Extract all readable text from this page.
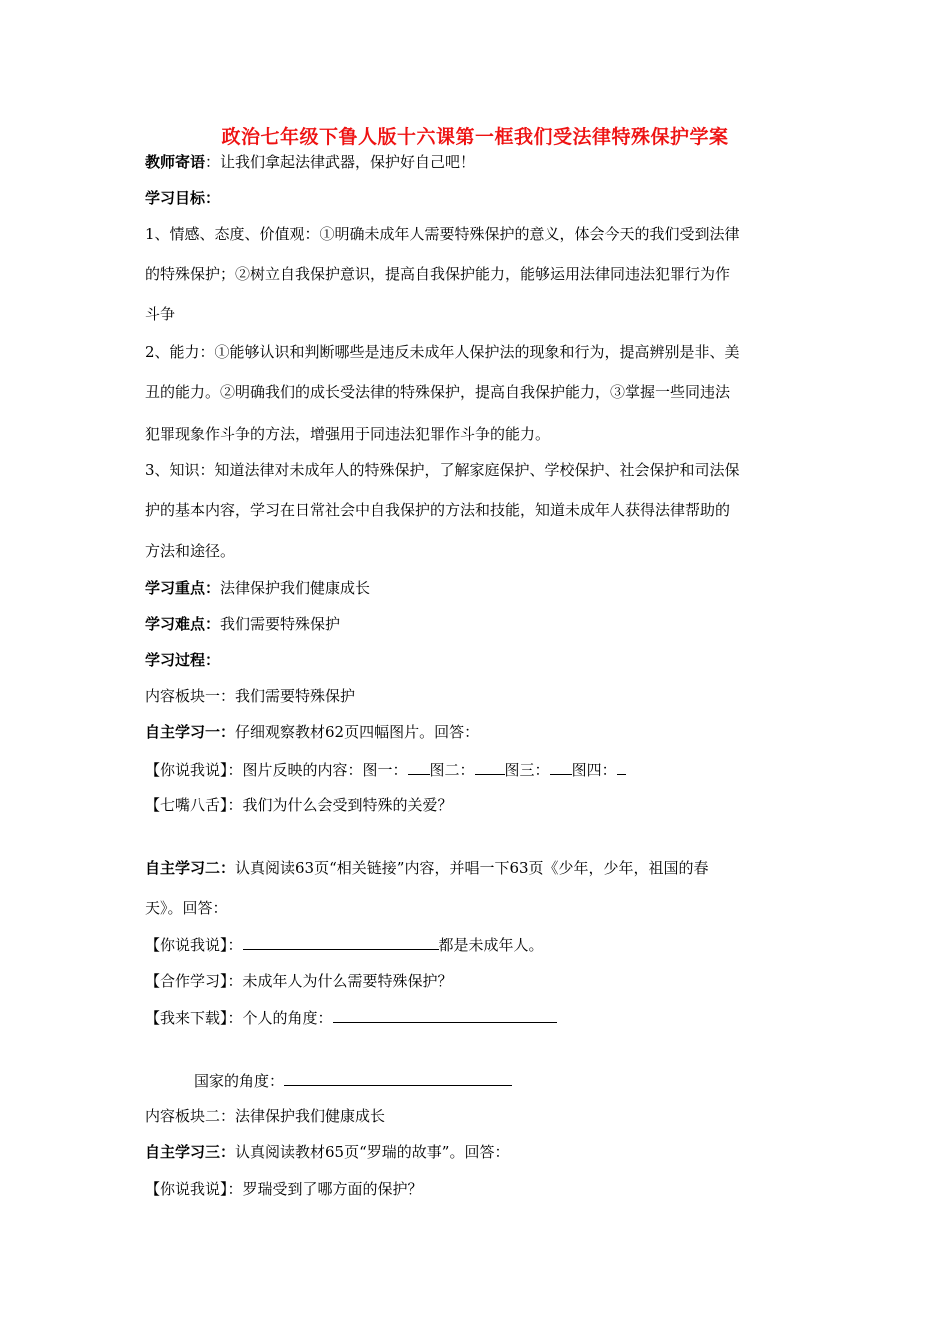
政治七年级下鲁人版十六课第一框我们受法律特殊保护学案
教师寄语：让我们拿起法律武器，保护好自己吧！
学习目标：
1、情感、态度、价值观：①明确未成年人需要特殊保护的意义，体会今天的我们受到法律
的特殊保护；②树立自我保护意识，提高自我保护能力，能够运用法律同违法犯罪行为作
斗争
2、能力：①能够认识和判断哪些是违反未成年人保护法的现象和行为，提高辨别是非、美
丑的能力。②明确我们的成长受法律的特殊保护，提高自我保护能力，③掌握一些同违法
犯罪现象作斗争的方法，增强用于同违法犯罪作斗争的能力。
3、知识：知道法律对未成年人的特殊保护，了解家庭保护、学校保护、社会保护和司法保
护的基本内容，学习在日常社会中自我保护的方法和技能，知道未成年人获得法律帮助的
方法和途径。
学习重点：法律保护我们健康成长
学习难点：我们需要特殊保护
学习过程：
内容板块一：我们需要特殊保护
自主学习一：仔细观察教材62页四幅图片。回答：
【你说我说】：图片反映的内容：图一： 图二： 图三： 图四：
【七嘴八舌】：我们为什么会受到特殊的关爱？
自主学习二：认真阅读63页“相关链接”内容，并唱一下63页《少年，少年，祖国的春
天》。回答：
【你说我说】：	都是未成年人。
【合作学习】：未成年人为什么需要特殊保护？
【我来下载】：个人的角度：
国家的角度：
内容板块二：法律保护我们健康成长
自主学习三：认真阅读教材65页“罗瑞的故事”。回答：
【你说我说】：罗瑞受到了哪方面的保护？
